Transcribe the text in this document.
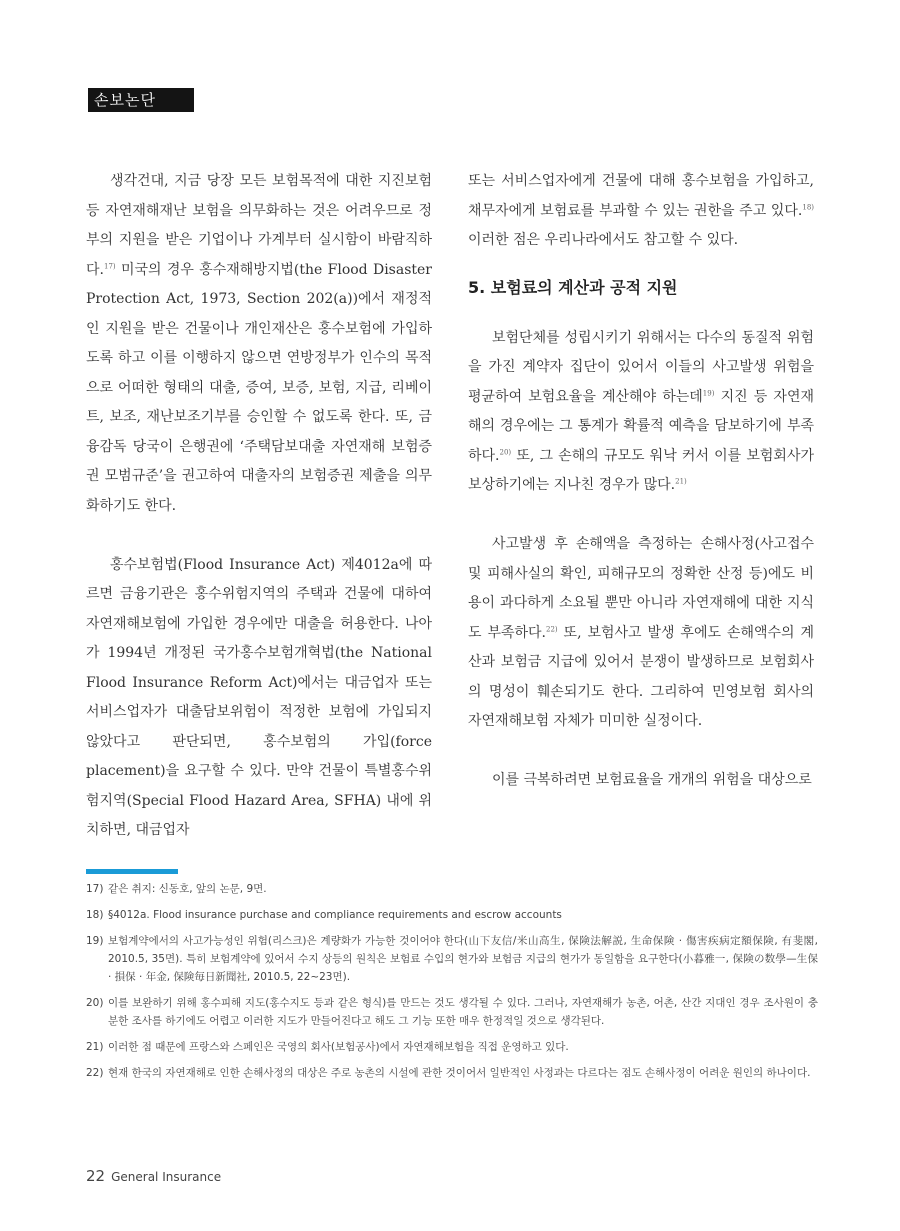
손보논단

생각건대, 지금 당장 모든 보험목적에 대한 지진보험 등 자연재해재난 보험을 의무화하는 것은 어려우므로 정부의 지원을 받은 기업이나 가계부터 실시함이 바람직하다.$^{17)}$ 미국의 경우 홍수재해방지법(the Flood Disaster Protection Act, 1973, Section 202(a))에서 재정적인 지원을 받은 건물이나 개인재산은 홍수보험에 가입하도록 하고 이를 이행하지 않으면 연방정부가 인수의 목적으로 어떠한 형태의 대출, 증여, 보증, 보험, 지급, 리베이트, 보조, 재난보조기부를 승인할 수 없도록 한다. 또, 금융감독 당국이 은행권에 ‘주택담보대출 자연재해 보험증권 모범규준’을 권고하여 대출자의 보험증권 제출을 의무화하기도 한다.

홍수보험법(Flood Insurance Act) 제4012a에 따르면 금융기관은 홍수위험지역의 주택과 건물에 대하여 자연재해보험에 가입한 경우에만 대출을 허용한다. 나아가 1994년 개정된 국가홍수보험개혁법(the National Flood Insurance Reform Act)에서는 대금업자 또는 서비스업자가 대출담보위험이 적정한 보험에 가입되지 않았다고 판단되면, 홍수보험의 가입(force placement)을 요구할 수 있다. 만약 건물이 특별홍수위험지역(Special Flood Hazard Area, SFHA) 내에 위치하면, 대금업자

또는 서비스업자에게 건물에 대해 홍수보험을 가입하고, 채무자에게 보험료를 부과할 수 있는 권한을 주고 있다.$^{18)}$ 이러한 점은 우리나라에서도 참고할 수 있다.

5. 보험료의 계산과 공적 지원

보험단체를 성립시키기 위해서는 다수의 동질적 위험을 가진 계약자 집단이 있어서 이들의 사고발생 위험을 평균하여 보험요율을 계산해야 하는데$^{19)}$ 지진 등 자연재해의 경우에는 그 통계가 확률적 예측을 담보하기에 부족하다.$^{20)}$ 또, 그 손해의 규모도 워낙 커서 이를 보험회사가 보상하기에는 지나친 경우가 많다.$^{21)}$

사고발생 후 손해액을 측정하는 손해사정(사고접수 및 피해사실의 확인, 피해규모의 정확한 산정 등)에도 비용이 과다하게 소요될 뿐만 아니라 자연재해에 대한 지식도 부족하다.$^{22)}$ 또, 보험사고 발생 후에도 손해액수의 계산과 보험금 지급에 있어서 분쟁이 발생하므로 보험회사의 명성이 훼손되기도 한다. 그리하여 민영보험 회사의 자연재해보험 자체가 미미한 실정이다.

이를 극복하려면 보험료율을 개개의 위험을 대상으로

17) 같은 취지: 신동호, 앞의 논문, 9면.
18) §4012a. Flood insurance purchase and compliance requirements and escrow accounts
19) 보험계약에서의 사고가능성인 위험(리스크)은 계량화가 가능한 것이어야 한다(山下友信/米山高生, 保険法解説, 生命保険 · 傷害疾病定額保険, 有斐閣, 2010.5, 35면). 특히 보험계약에 있어서 수지 상등의 원칙은 보험료 수입의 현가와 보험금 지급의 현가가 동일함을 요구한다(小暮雅一, 保険の数學—生保 · 損保 · 年金, 保険毎日新聞社, 2010.5, 22~23면).
20) 이를 보완하기 위해 홍수피해 지도(홍수지도 등과 같은 형식)를 만드는 것도 생각될 수 있다. 그러나, 자연재해가 농촌, 어촌, 산간 지대인 경우 조사원이 충분한 조사를 하기에도 어렵고 이러한 지도가 만들어진다고 해도 그 기능 또한 매우 한정적일 것으로 생각된다.
21) 이러한 점 때문에 프랑스와 스페인은 국영의 회사(보험공사)에서 자연재해보험을 직접 운영하고 있다.
22) 현재 한국의 자연재해로 인한 손해사정의 대상은 주로 농촌의 시설에 관한 것이어서 일반적인 사정과는 다르다는 점도 손해사정이 어려운 원인의 하나이다.
22 General Insurance
